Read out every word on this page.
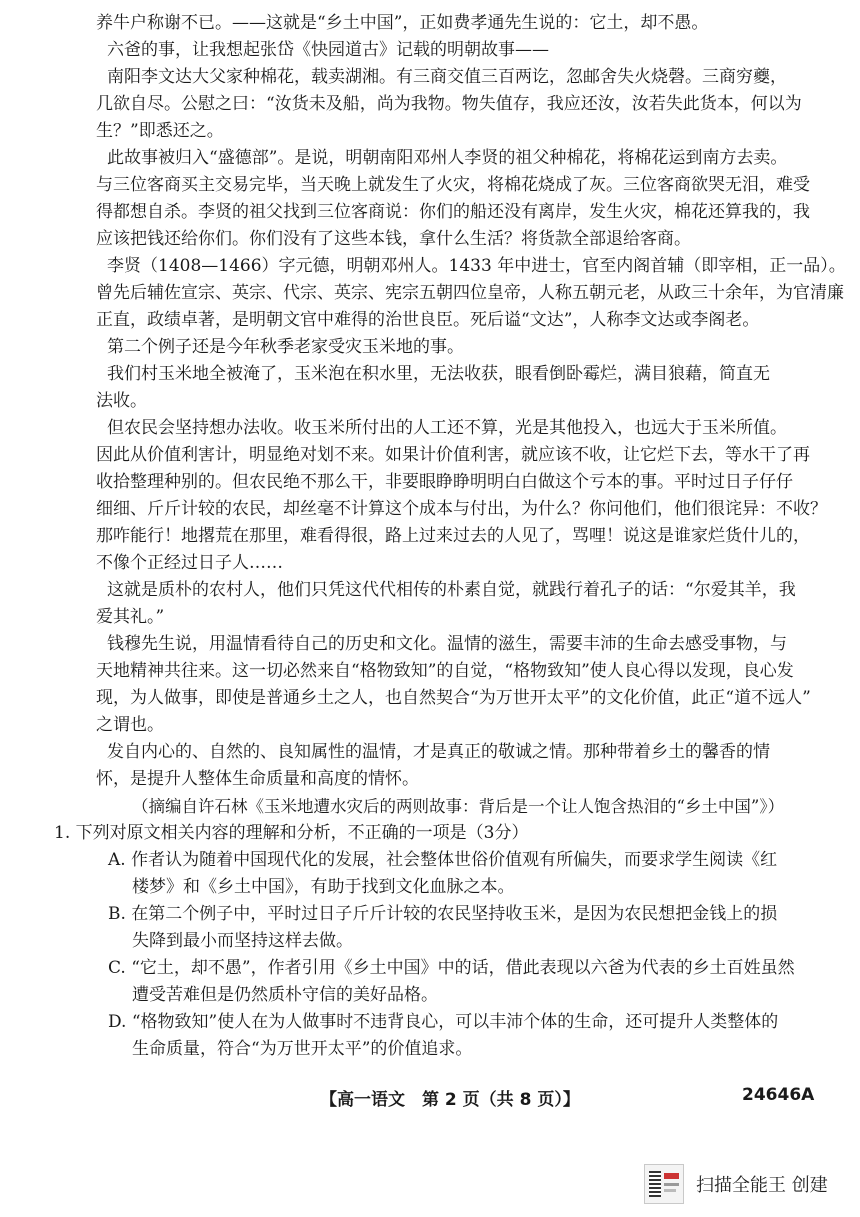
养牛户称谢不已。——这就是“乡土中国”，正如费孝通先生说的：它土，却不愚。
六爸的事，让我想起张岱《快园道古》记载的明朝故事——
南阳李文达大父家种棉花，载卖湖湘。有三商交值三百两讫，忽邮舍失火烧磬。三商穷夔，
几欲自尽。公慰之曰：“汝货未及船，尚为我物。物失值存，我应还汝，汝若失此货本，何以为
生？”即悉还之。
此故事被归入“盛德部”。是说，明朝南阳邓州人李贤的祖父种棉花，将棉花运到南方去卖。
与三位客商买主交易完毕，当天晚上就发生了火灾，将棉花烧成了灰。三位客商欲哭无泪，难受
得都想自杀。李贤的祖父找到三位客商说：你们的船还没有离岸，发生火灾，棉花还算我的，我
应该把钱还给你们。你们没有了这些本钱，拿什么生活？将货款全部退给客商。
李贤（1408—1466）字元德，明朝邓州人。1433 年中进士，官至内阁首辅（即宰相，正一品）。
曾先后辅佐宣宗、英宗、代宗、英宗、宪宗五朝四位皇帝，人称五朝元老，从政三十余年，为官清廉
正直，政绩卓著，是明朝文官中难得的治世良臣。死后谥“文达”，人称李文达或李阁老。
第二个例子还是今年秋季老家受灾玉米地的事。
我们村玉米地全被淹了，玉米泡在积水里，无法收获，眼看倒卧霉烂，满目狼藉，简直无
法收。
但农民会坚持想办法收。收玉米所付出的人工还不算，光是其他投入，也远大于玉米所值。
因此从价值利害计，明显绝对划不来。如果计价值利害，就应该不收，让它烂下去，等水干了再
收拾整理种别的。但农民绝不那么干，非要眼睁睁明明白白做这个亏本的事。平时过日子仔仔
细细、斤斤计较的农民，却丝毫不计算这个成本与付出，为什么？你问他们，他们很诧异：不收？
那咋能行！地撂荒在那里，难看得很，路上过来过去的人见了，骂哩！说这是谁家烂货什儿的，
不像个正经过日子人……
这就是质朴的农村人，他们只凭这代代相传的朴素自觉，就践行着孔子的话：“尔爱其羊，我
爱其礼。”
钱穆先生说，用温情看待自己的历史和文化。温情的滋生，需要丰沛的生命去感受事物，与
天地精神共往来。这一切必然来自“格物致知”的自觉，“格物致知”使人良心得以发现，良心发
现，为人做事，即使是普通乡土之人，也自然契合“为万世开太平”的文化价值，此正“道不远人”
之谓也。
发自内心的、自然的、良知属性的温情，才是真正的敬诚之情。那种带着乡土的馨香的情
怀，是提升人整体生命质量和高度的情怀。
（摘编自许石林《玉米地遭水灾后的两则故事：背后是一个让人饱含热泪的“乡土中国”》）
1. 下列对原文相关内容的理解和分析，不正确的一项是（3分）
A. 作者认为随着中国现代化的发展，社会整体世俗价值观有所偏失，而要求学生阅读《红
楼梦》和《乡土中国》，有助于找到文化血脉之本。
B. 在第二个例子中，平时过日子斤斤计较的农民坚持收玉米，是因为农民想把金钱上的损
失降到最小而坚持这样去做。
C. “它土，却不愚”，作者引用《乡土中国》中的话，借此表现以六爸为代表的乡土百姓虽然
遭受苦难但是仍然质朴守信的美好品格。
D. “格物致知”使人在为人做事时不违背良心，可以丰沛个体的生命，还可提升人类整体的
生命质量，符合“为万世开太平”的价值追求。
【高一语文　第 2 页（共 8 页）】	24646A
扫描全能王 创建
